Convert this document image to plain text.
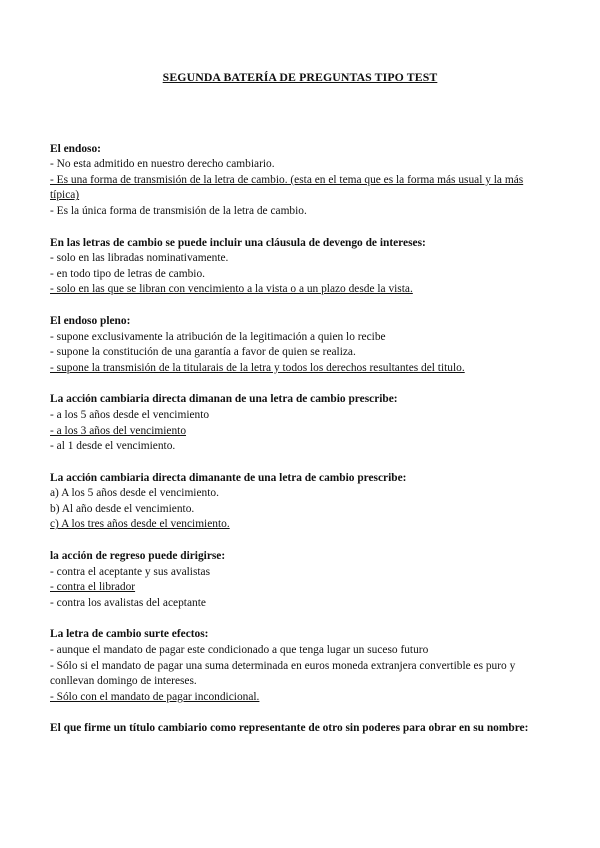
SEGUNDA BATERÍA DE PREGUNTAS TIPO TEST
El endoso:
- No esta admitido en nuestro derecho cambiario.
- Es una forma de transmisión de la letra de cambio. (esta en el tema que es la forma más usual y la más típica)
- Es la única forma de transmisión de la letra de cambio.
En las letras de cambio se puede incluir una cláusula de devengo de intereses:
- solo en las libradas nominativamente.
- en todo tipo de letras de cambio.
- solo en las que se libran con vencimiento a la vista o a un plazo desde la vista.
El endoso pleno:
- supone exclusivamente la atribución de la legitimación a quien lo recibe
- supone la constitución de una garantía a favor de quien se realiza.
- supone la transmisión de la titularais de la letra y todos los derechos resultantes del titulo.
La acción cambiaria directa dimanan de una letra de cambio prescribe:
- a los 5 años desde el vencimiento
- a los 3 años del vencimiento
- al 1 desde el vencimiento.
La acción cambiaria directa dimanante de una letra de cambio prescribe:
a) A los 5 años desde el vencimiento.
b) Al año desde el vencimiento.
c) A los tres años desde el vencimiento.
la acción de regreso puede dirigirse:
- contra el aceptante y sus avalistas
- contra el librador
- contra los avalistas del aceptante
La letra de cambio surte efectos:
- aunque el mandato de pagar este condicionado a que tenga lugar un suceso futuro
- Sólo si el mandato de pagar una suma determinada en euros moneda extranjera convertible es puro y conllevan domingo de intereses.
- Sólo con el mandato de pagar incondicional.
El que firme un título cambiario como representante de otro sin poderes para obrar en su nombre:
